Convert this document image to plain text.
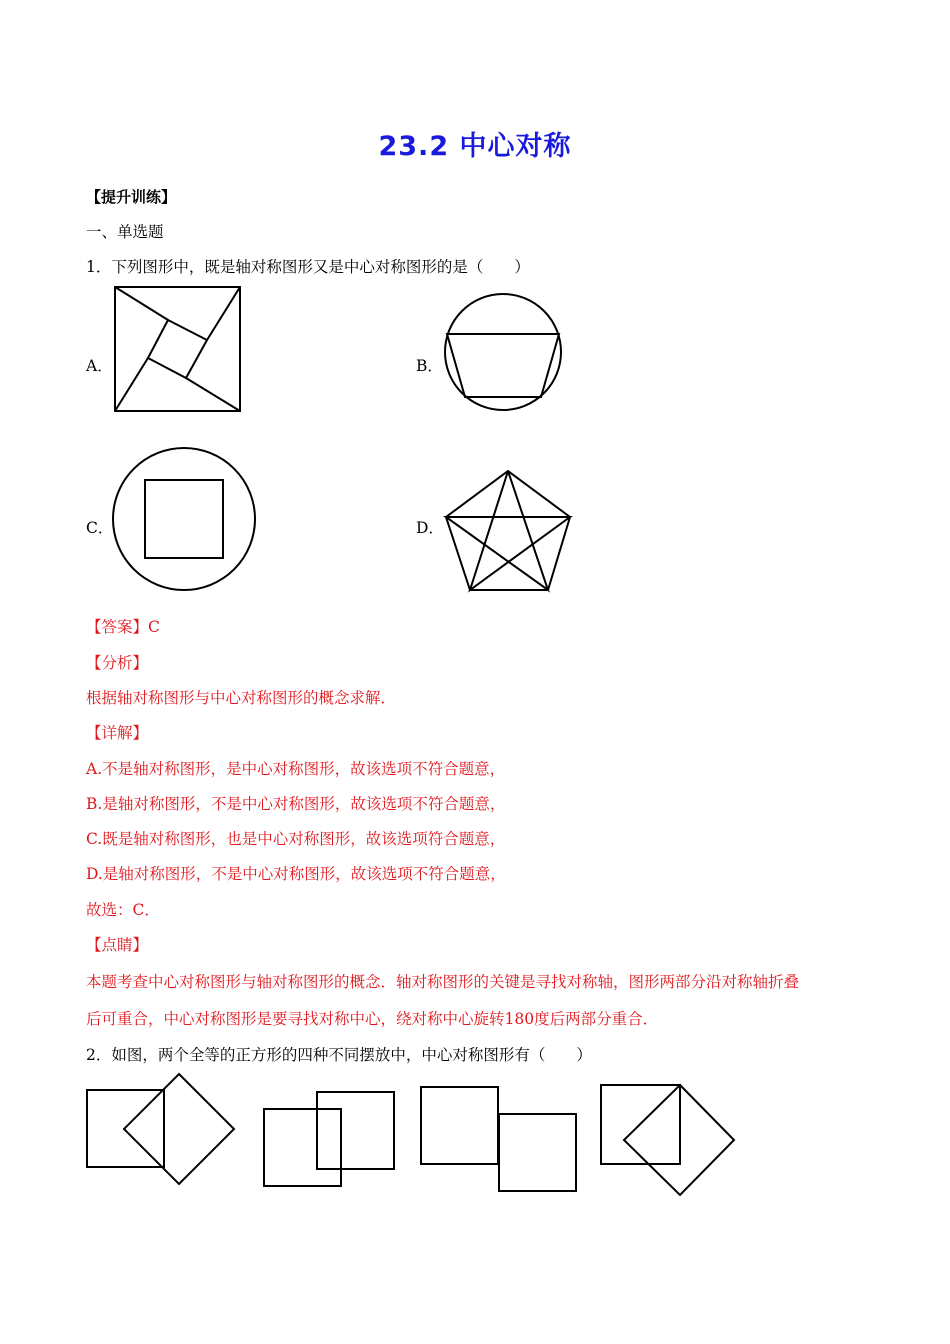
23.2 中心对称
【提升训练】
一、单选题
1．下列图形中，既是轴对称图形又是中心对称图形的是（　　）
A．	B．
C．	D．
【答案】C
【分析】
根据轴对称图形与中心对称图形的概念求解．
【详解】
A.不是轴对称图形，是中心对称图形，故该选项不符合题意，
B.是轴对称图形，不是中心对称图形，故该选项不符合题意，
C.既是轴对称图形，也是中心对称图形，故该选项符合题意，
D.是轴对称图形，不是中心对称图形，故该选项不符合题意，
故选：C．
【点睛】
本题考查中心对称图形与轴对称图形的概念．轴对称图形的关键是寻找对称轴，图形两部分沿对称轴折叠
后可重合，中心对称图形是要寻找对称中心，绕对称中心旋转180度后两部分重合．
2．如图，两个全等的正方形的四种不同摆放中，中心对称图形有（　　）
